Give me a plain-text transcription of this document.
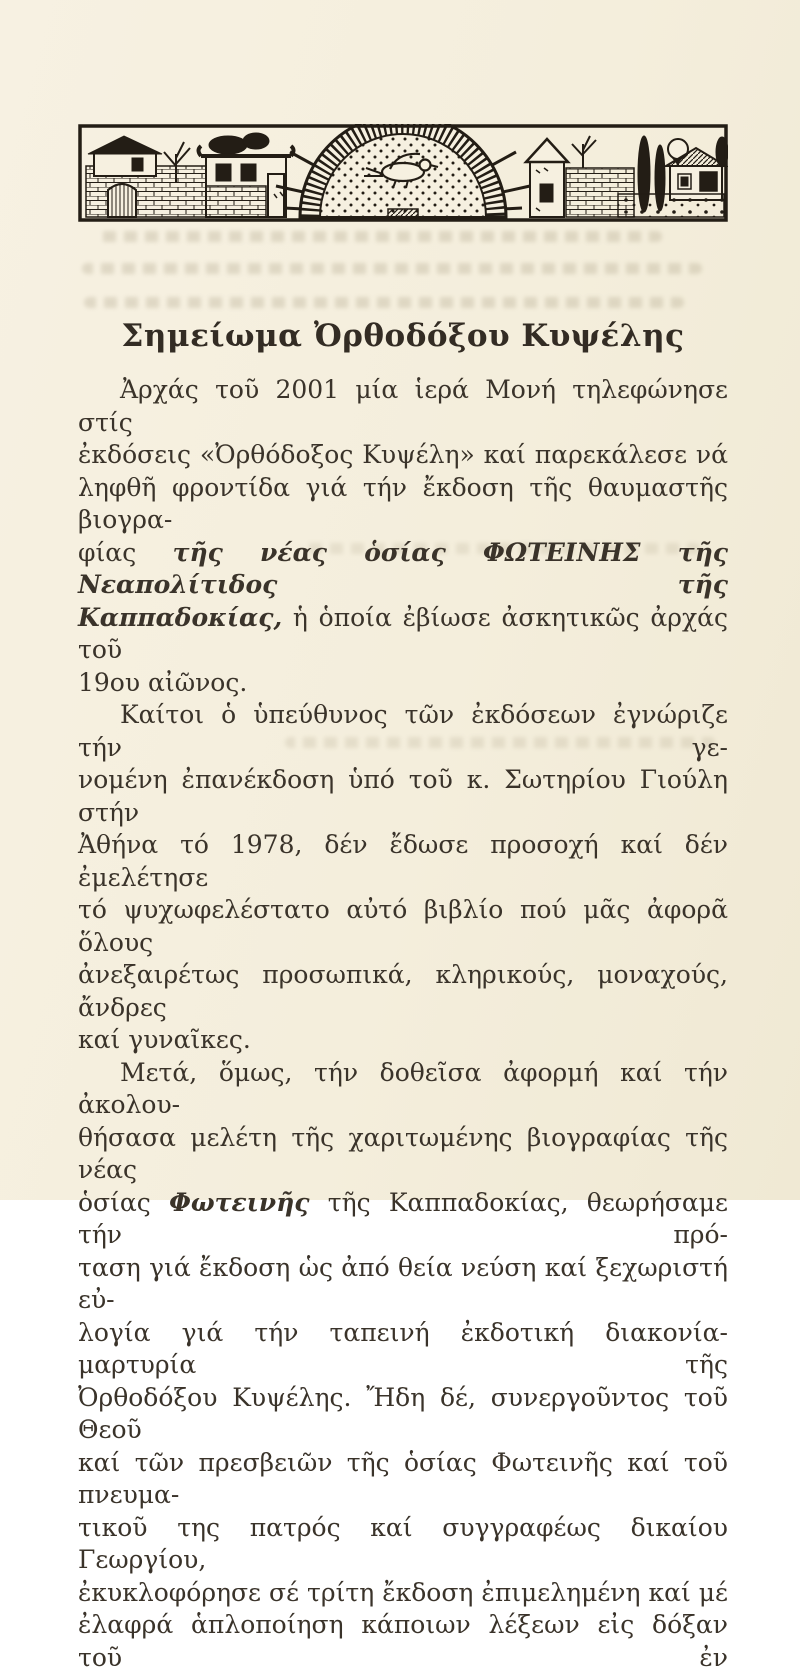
Σημείωμα Ὀρθοδόξου Κυψέλης
Ἀρχάς τοῦ 2001 μία ἱερά Μονή τηλεφώνησε στίς
ἐκδόσεις «Ὀρθόδοξος Κυψέλη» καί παρεκάλεσε νά
ληφθῆ φροντίδα γιά τήν ἔκδοση τῆς θαυμαστῆς βιογρα-
φίας τῆς νέας ὁσίας ΦΩΤΕΙΝΗΣ τῆς Νεαπολίτιδος τῆς
Καππαδοκίας, ἡ ὁποία ἐβίωσε ἀσκητικῶς ἀρχάς τοῦ
19ου αἰῶνος.
Καίτοι ὁ ὑπεύθυνος τῶν ἐκδόσεων ἐγνώριζε τήν γε-
νομένη ἐπανέκδοση ὑπό τοῦ κ. Σωτηρίου Γιούλη στήν
Ἀθήνα τό 1978, δέν ἔδωσε προσοχή καί δέν ἐμελέτησε
τό ψυχωφελέστατο αὐτό βιβλίο πού μᾶς ἀφορᾶ ὅλους
ἀνεξαιρέτως προσωπικά, κληρικούς, μοναχούς, ἄνδρες
καί γυναῖκες.
Μετά, ὅμως, τήν δοθεῖσα ἀφορμή καί τήν ἀκολου-
θήσασα μελέτη τῆς χαριτωμένης βιογραφίας τῆς νέας
ὁσίας Φωτεινῆς τῆς Καππαδοκίας, θεωρήσαμε τήν πρό-
ταση γιά ἔκδοση ὡς ἀπό θεία νεύση καί ξεχωριστή εὐ-
λογία γιά τήν ταπεινή ἐκδοτική διακονία-μαρτυρία τῆς
Ὀρθοδόξου Κυψέλης. Ἤδη δέ, συνεργοῦντος τοῦ Θεοῦ
καί τῶν πρεσβειῶν τῆς ὁσίας Φωτεινῆς καί τοῦ πνευμα-
τικοῦ της πατρός καί συγγραφέως δικαίου Γεωργίου,
ἐκυκλοφόρησε σέ τρίτη ἔκδοση ἐπιμελημένη καί μέ
ἐλαφρά ἁπλοποίηση κάποιων λέξεων εἰς δόξαν τοῦ ἐν
